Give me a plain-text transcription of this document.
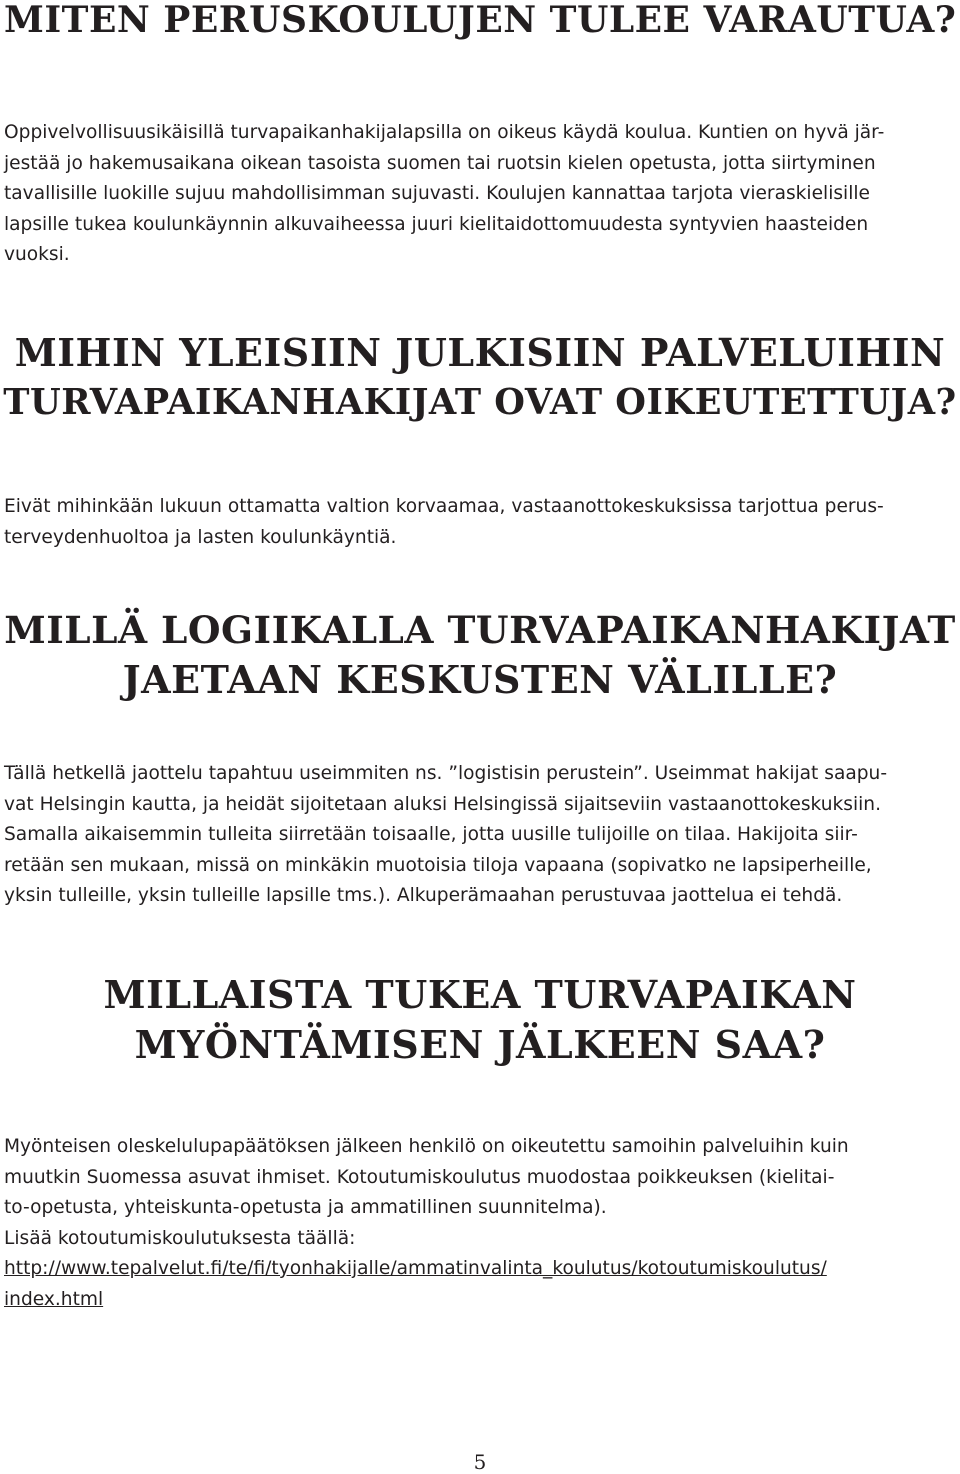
MITEN PERUSKOULUJEN TULEE VARAUTUA?

Oppivelvollisuusikäisillä turvapaikanhakijalapsilla on oikeus käydä koulua. Kuntien on hyvä jär-
jestää jo hakemusaikana oikean tasoista suomen tai ruotsin kielen opetusta, jotta siirtyminen
tavallisille luokille sujuu mahdollisimman sujuvasti. Koulujen kannattaa tarjota vieraskielisille
lapsille tukea koulunkäynnin alkuvaiheessa juuri kielitaidottomuudesta syntyvien haasteiden
vuoksi.

MIHIN YLEISIIN JULKISIIN PALVELUIHIN
TURVAPAIKANHAKIJAT OVAT OIKEUTETTUJA?

Eivät mihinkään lukuun ottamatta valtion korvaamaa, vastaanottokeskuksissa tarjottua perus-
terveydenhuoltoa ja lasten koulunkäyntiä.

MILLÄ LOGIIKALLA TURVAPAIKANHAKIJAT
JAETAAN KESKUSTEN VÄLILLE?

Tällä hetkellä jaottelu tapahtuu useimmiten ns. ”logistisin perustein”. Useimmat hakijat saapu-
vat Helsingin kautta, ja heidät sijoitetaan aluksi Helsingissä sijaitseviin vastaanottokeskuksiin.
Samalla aikaisemmin tulleita siirretään toisaalle, jotta uusille tulijoille on tilaa. Hakijoita siir-
retään sen mukaan, missä on minkäkin muotoisia tiloja vapaana (sopivatko ne lapsiperheille,
yksin tulleille, yksin tulleille lapsille tms.). Alkuperämaahan perustuvaa jaottelua ei tehdä.

MILLAISTA TUKEA TURVAPAIKAN
MYÖNTÄMISEN JÄLKEEN SAA?

Myönteisen oleskelulupapäätöksen jälkeen henkilö on oikeutettu samoihin palveluihin kuin
muutkin Suomessa asuvat ihmiset. Kotoutumiskoulutus muodostaa poikkeuksen (kielitai-
to-opetusta, yhteiskunta-opetusta ja ammatillinen suunnitelma).
Lisää kotoutumiskoulutuksesta täällä:
http://www.tepalvelut.fi/te/fi/tyonhakijalle/ammatinvalinta_koulutus/kotoutumiskoulutus/
index.html

5
